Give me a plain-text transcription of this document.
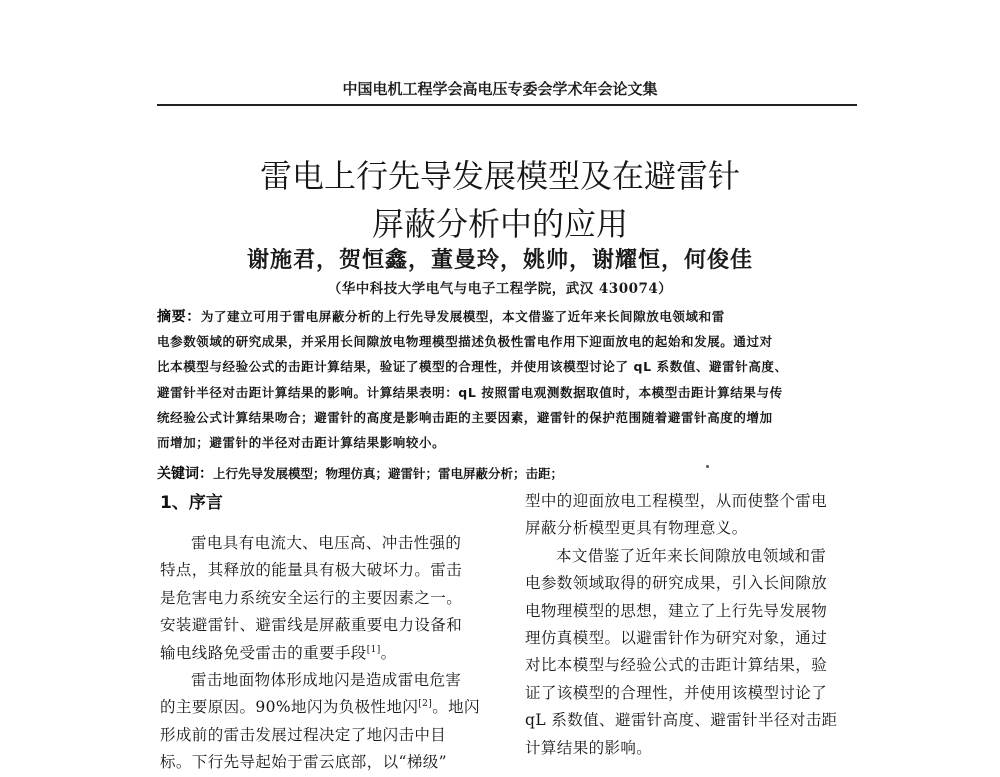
中国电机工程学会高电压专委会学术年会论文集
雷电上行先导发展模型及在避雷针
屏蔽分析中的应用
谢施君，贺恒鑫，董曼玲，姚帅，谢耀恒，何俊佳
（华中科技大学电气与电子工程学院，武汉 430074）
摘要：为了建立可用于雷电屏蔽分析的上行先导发展模型，本文借鉴了近年来长间隙放电领域和雷
电参数领域的研究成果，并采用长间隙放电物理模型描述负极性雷电作用下迎面放电的起始和发展。通过对
比本模型与经验公式的击距计算结果，验证了模型的合理性，并使用该模型讨论了 qL 系数值、避雷针高度、
避雷针半径对击距计算结果的影响。计算结果表明：qL 按照雷电观测数据取值时，本模型击距计算结果与传
统经验公式计算结果吻合；避雷针的高度是影响击距的主要因素，避雷针的保护范围随着避雷针高度的增加
而增加；避雷针的半径对击距计算结果影响较小。
关键词：上行先导发展模型；物理仿真；避雷针；雷电屏蔽分析；击距；
1、序言
雷电具有电流大、电压高、冲击性强的
特点，其释放的能量具有极大破坏力。雷击
是危害电力系统安全运行的主要因素之一。
安装避雷针、避雷线是屏蔽重要电力设备和
输电线路免受雷击的重要手段[1]。
雷击地面物体形成地闪是造成雷电危害
的主要原因。90%地闪为负极性地闪[2]。地闪
形成前的雷击发展过程决定了地闪击中目
标。下行先导起始于雷云底部，以“梯级”
型中的迎面放电工程模型，从而使整个雷电
屏蔽分析模型更具有物理意义。
本文借鉴了近年来长间隙放电领域和雷
电参数领域取得的研究成果，引入长间隙放
电物理模型的思想，建立了上行先导发展物
理仿真模型。以避雷针作为研究对象，通过
对比本模型与经验公式的击距计算结果，验
证了该模型的合理性，并使用该模型讨论了
qL 系数值、避雷针高度、避雷针半径对击距
计算结果的影响。
